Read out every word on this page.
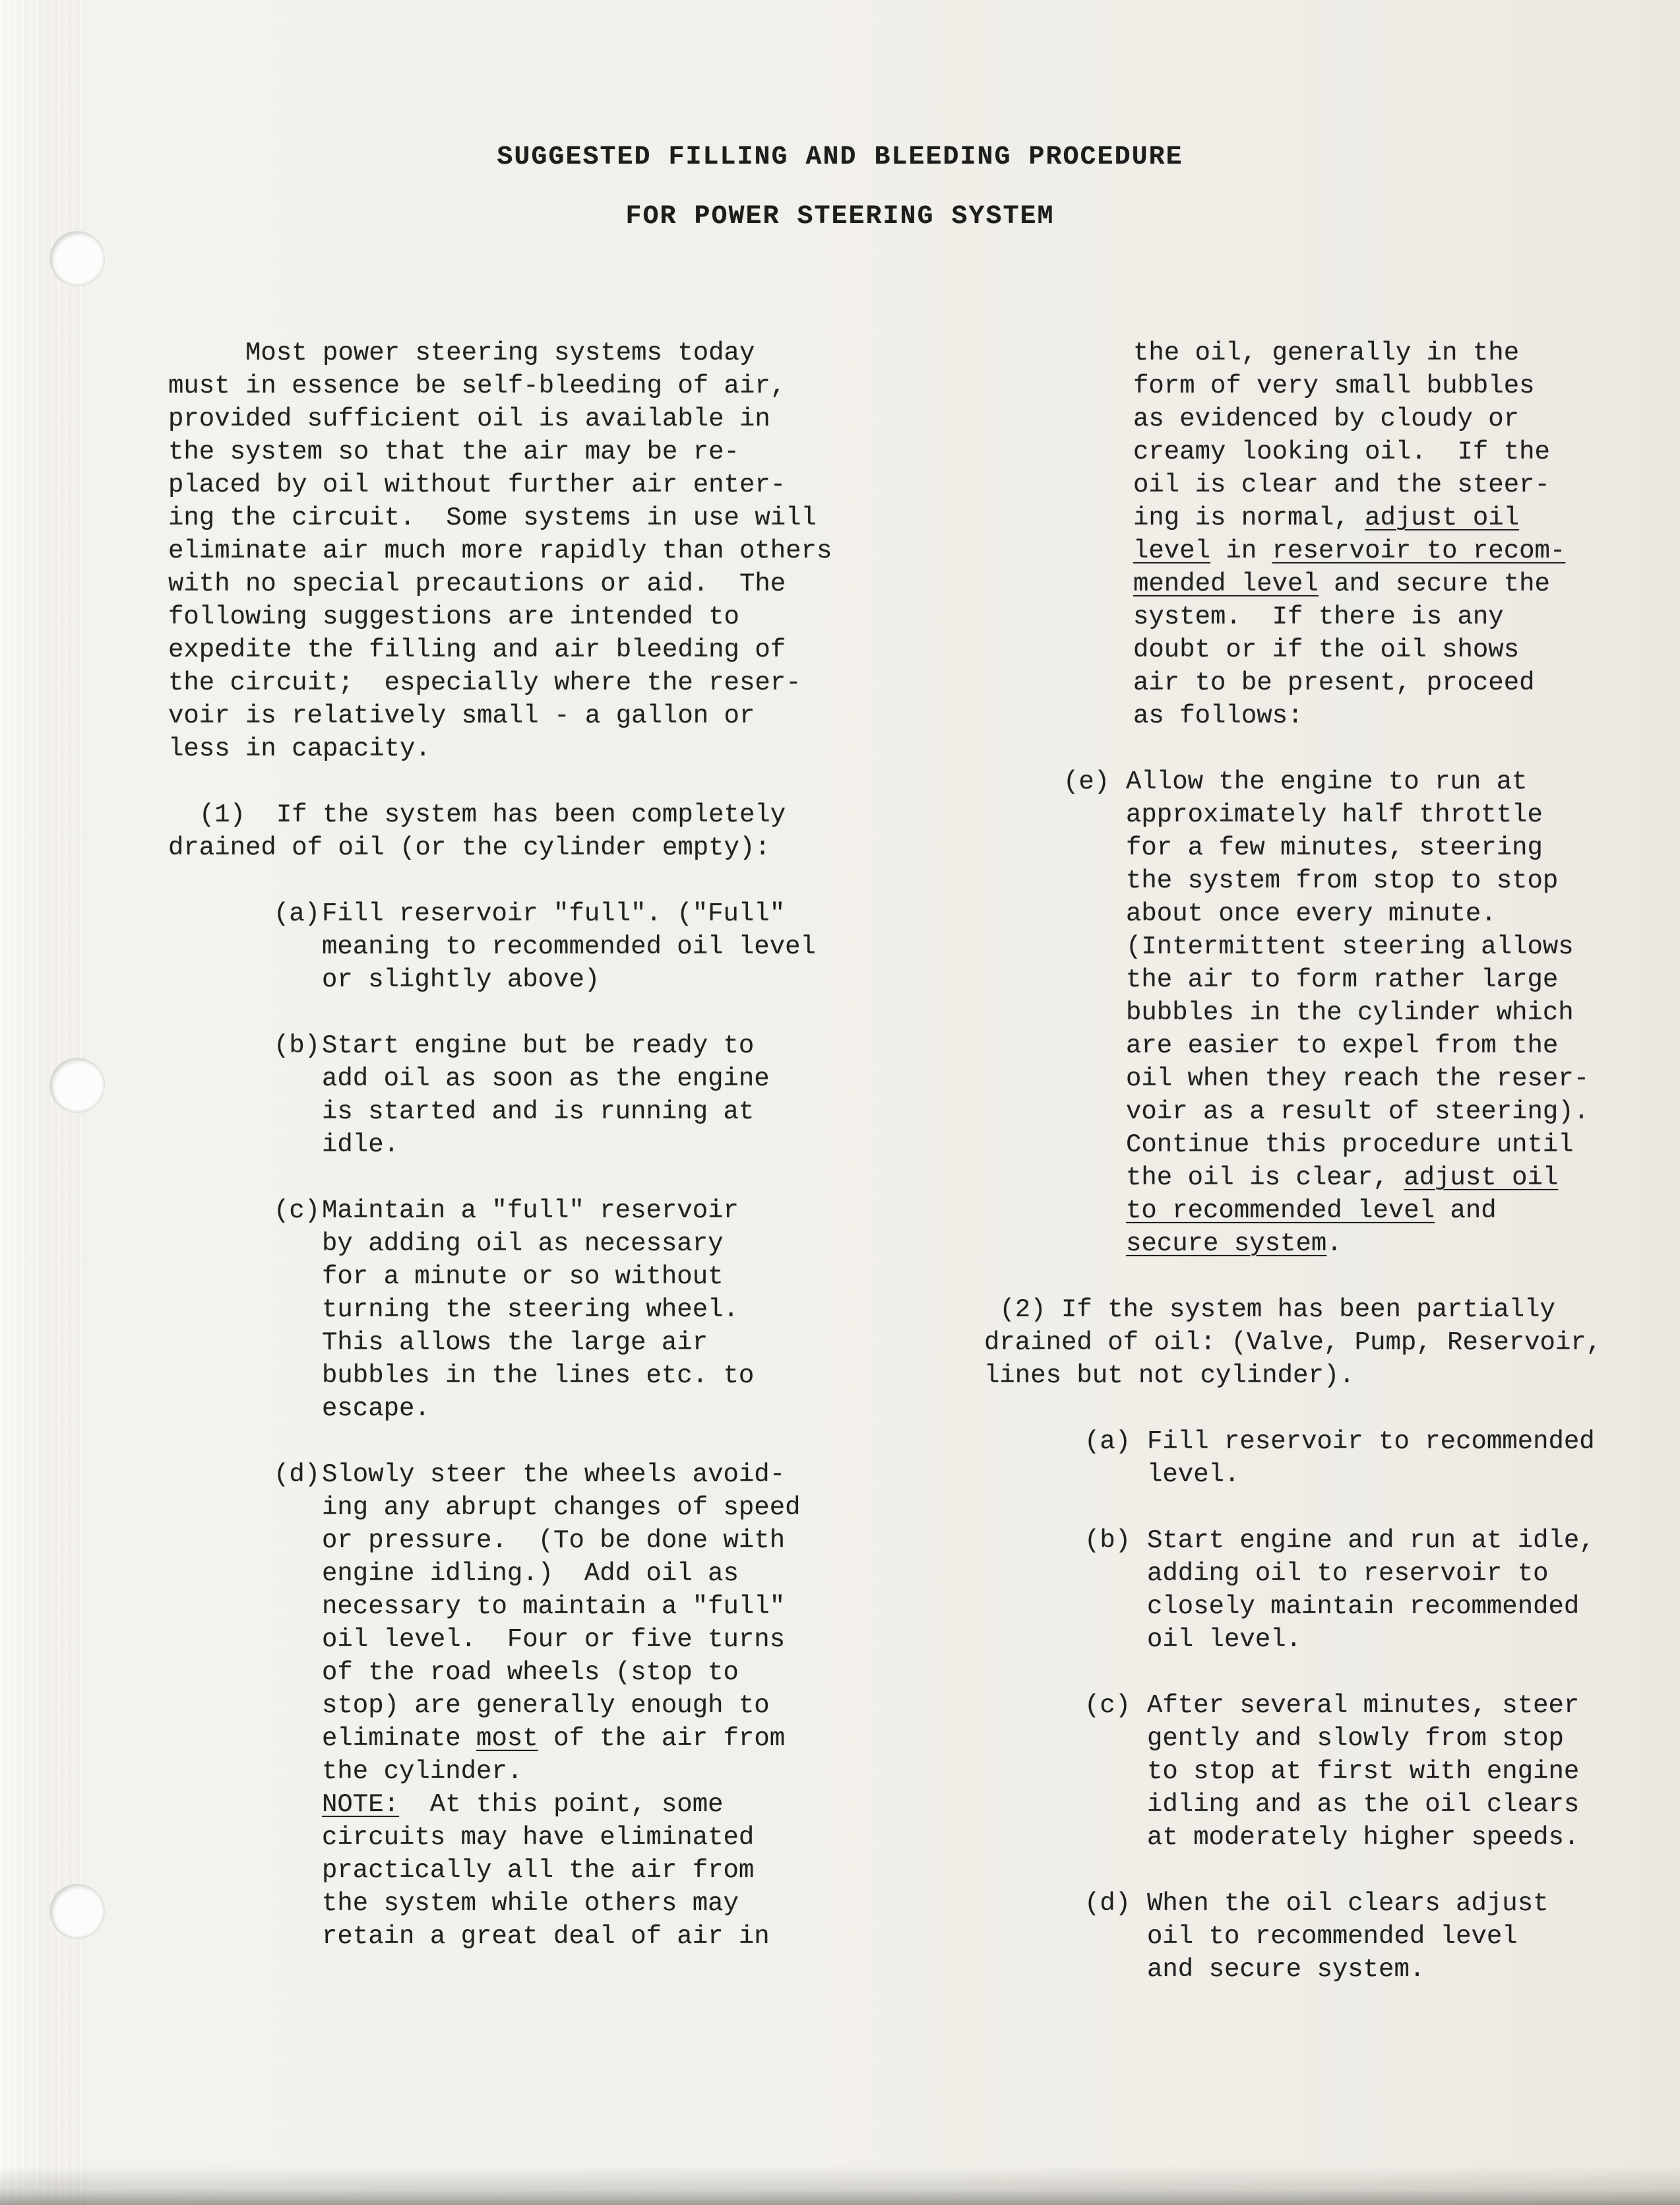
SUGGESTED FILLING AND BLEEDING PROCEDURE
FOR POWER STEERING SYSTEM

Most power steering systems today
must in essence be self-bleeding of air,
provided sufficient oil is available in
the system so that the air may be re-
placed by oil without further air enter-
ing the circuit.  Some systems in use will
eliminate air much more rapidly than others
with no special precautions or aid.  The
following suggestions are intended to
expedite the filling and air bleeding of
the circuit;  especially where the reser-
voir is relatively small - a gallon or
less in capacity.

(1)  If the system has been completely
drained of oil (or the cylinder empty):

(a) Fill reservoir "full". ("Full"
meaning to recommended oil level
or slightly above)
(b) Start engine but be ready to
add oil as soon as the engine
is started and is running at
idle.
(c) Maintain a "full" reservoir
by adding oil as necessary
for a minute or so without
turning the steering wheel.
This allows the large air
bubbles in the lines etc. to
escape.
(d) Slowly steer the wheels avoid-
ing any abrupt changes of speed
or pressure.  (To be done with
engine idling.)  Add oil as
necessary to maintain a "full"
oil level.  Four or five turns
of the road wheels (stop to
stop) are generally enough to
eliminate most of the air from
the cylinder.
NOTE:  At this point, some
circuits may have eliminated
practically all the air from
the system while others may
retain a great deal of air in

the oil, generally in the
form of very small bubbles
as evidenced by cloudy or
creamy looking oil.  If the
oil is clear and the steer-
ing is normal, adjust oil
level in reservoir to recom-
mended level and secure the
system.  If there is any
doubt or if the oil shows
air to be present, proceed
as follows:

(e) Allow the engine to run at
approximately half throttle
for a few minutes, steering
the system from stop to stop
about once every minute.
(Intermittent steering allows
the air to form rather large
bubbles in the cylinder which
are easier to expel from the
oil when they reach the reser-
voir as a result of steering).
Continue this procedure until
the oil is clear, adjust oil
to recommended level and
secure system.

(2) If the system has been partially
drained of oil: (Valve, Pump, Reservoir,
lines but not cylinder).

(a) Fill reservoir to recommended
level.
(b) Start engine and run at idle,
adding oil to reservoir to
closely maintain recommended
oil level.
(c) After several minutes, steer
gently and slowly from stop
to stop at first with engine
idling and as the oil clears
at moderately higher speeds.
(d) When the oil clears adjust
oil to recommended level
and secure system.
